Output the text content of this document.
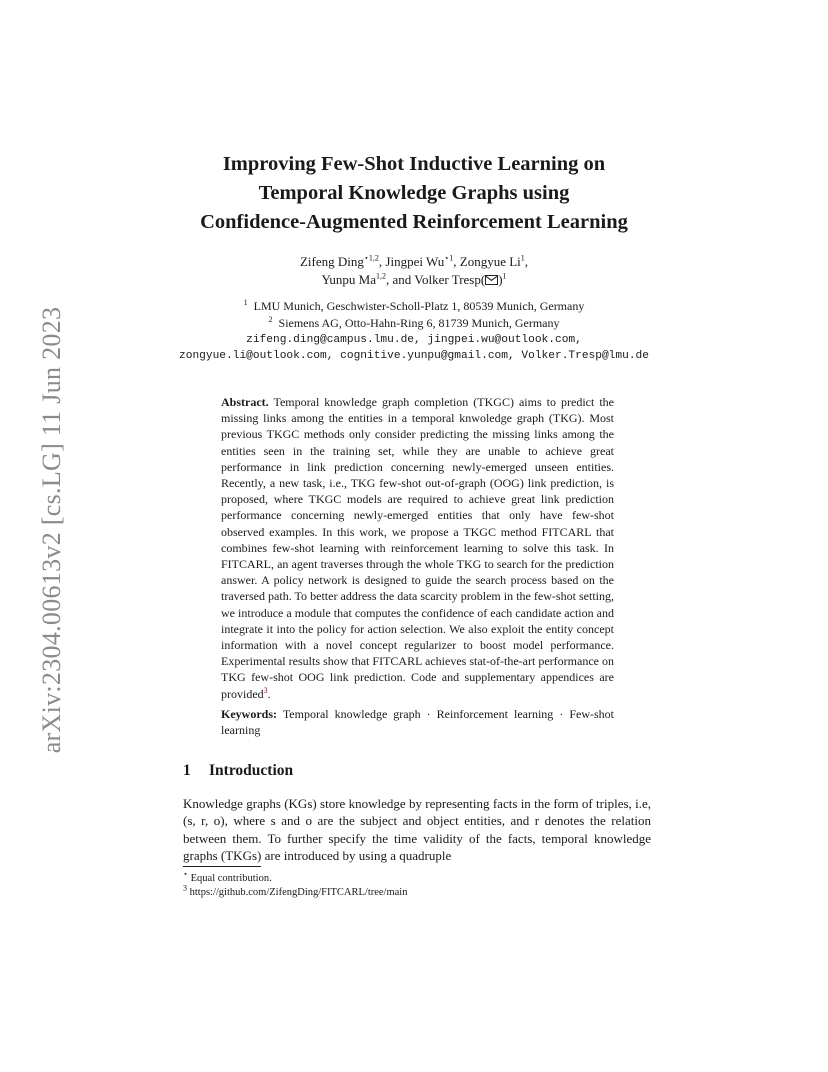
arXiv:2304.00613v2 [cs.LG] 11 Jun 2023
Improving Few-Shot Inductive Learning on
Temporal Knowledge Graphs using
Confidence-Augmented Reinforcement Learning
Zifeng Ding$^{⋆1,2}$, Jingpei $Wu^{⋆1}$, Zongyue Li$^1$,
Yunpu Ma$^{1,2}$, and Volker Tresp( )$^1$
$^1$ LMU Munich, Geschwister-Scholl-Platz 1, 80539 Munich, Germany
$^2$ Siemens AG, Otto-Hahn-Ring 6, 81739 Munich, Germany
zifeng.ding@campus.lmu.de, jingpei.wu@outlook.com,
zongyue.li@outlook.com, cognitive.yunpu@gmail.com, Volker.Tresp@lmu.de

Abstract. Temporal knowledge graph completion (TKGC) aims to predict the missing links among the entities in a temporal knwoledge graph (TKG). Most previous TKGC methods only consider predicting the missing links among the entities seen in the training set, while they are unable to achieve great performance in link prediction concerning newly-emerged unseen entities. Recently, a new task, i.e., TKG few-shot out-of-graph (OOG) link prediction, is proposed, where TKGC models are required to achieve great link prediction performance concerning newly-emerged entities that only have few-shot observed examples. In this work, we propose a TKGC method FITCARL that combines few-shot learning with reinforcement learning to solve this task. In FITCARL, an agent traverses through the whole TKG to search for the prediction answer. A policy network is designed to guide the search process based on the traversed path. To better address the data scarcity problem in the few-shot setting, we introduce a module that computes the confidence of each candidate action and integrate it into the policy for action selection. We also exploit the entity concept information with a novel concept regularizer to boost model performance. Experimental results show that FITCARL achieves stat-of-the-art performance on TKG few-shot OOG link prediction. Code and supplementary appendices are provided$^3$.

Keywords: Temporal knowledge graph · Reinforcement learning · Few-shot learning

1 Introduction

Knowledge graphs (KGs) store knowledge by representing facts in the form of triples, i.e, (s, r, o), where s and o are the subject and object entities, and r denotes the relation between them. To further specify the time validity of the facts, temporal knowledge graphs (TKGs) are introduced by using a quadruple

⋆ Equal contribution.
$^3$ https://github.com/ZifengDing/FITCARL/tree/main
